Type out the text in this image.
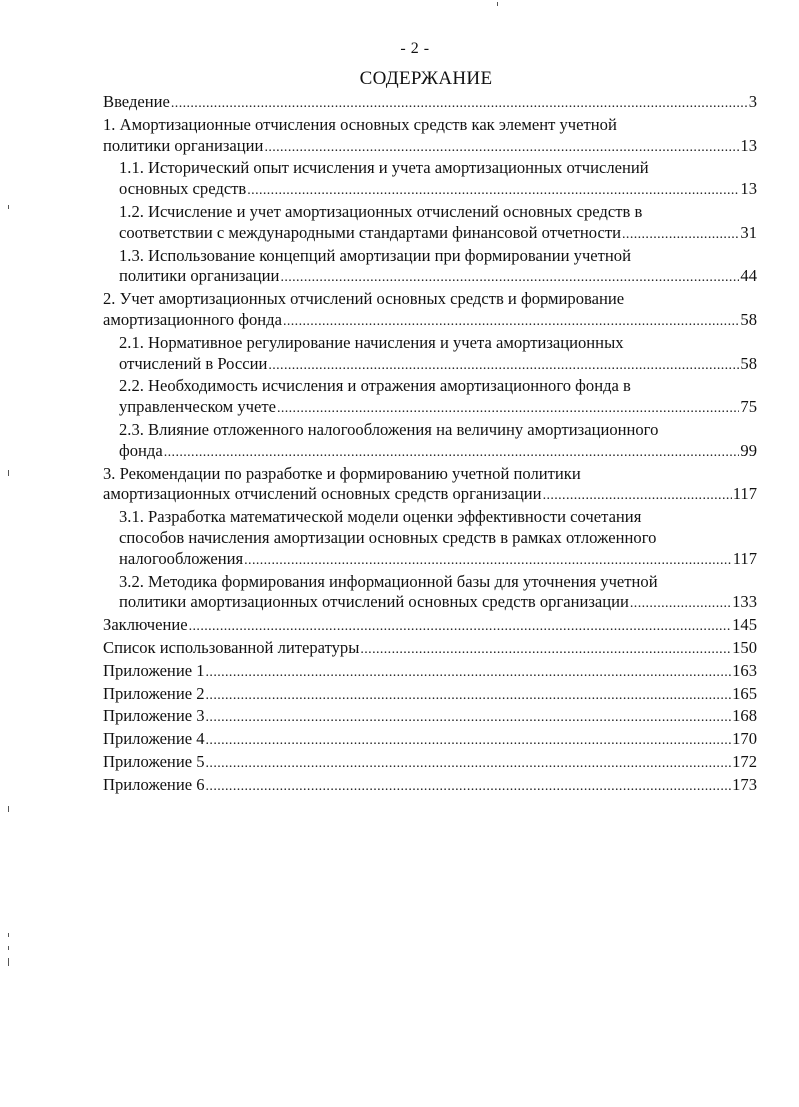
- 2 -
СОДЕРЖАНИЕ
Введение .....	3
1. Амортизационные отчисления основных средств как элемент учетной
политики организации .....	13
1.1. Исторический опыт исчисления и учета амортизационных отчислений
основных средств .....	13
1.2. Исчисление и учет амортизационных отчислений основных средств в
соответствии с международными стандартами финансовой отчетности .....	31
1.3. Использование концепций амортизации при формировании учетной
политики организации .....	44
2. Учет амортизационных отчислений основных средств и формирование
амортизационного фонда .....	58
2.1. Нормативное регулирование начисления и учета амортизационных
отчислений в России .....	58
2.2. Необходимость исчисления и отражения амортизационного фонда в
управленческом учете .....	75
2.3. Влияние отложенного налогообложения на величину амортизационного
фонда .....	99
3. Рекомендации по разработке и формированию учетной политики
амортизационных отчислений основных средств организации .....	117
3.1. Разработка математической модели оценки эффективности сочетания
способов начисления амортизации основных средств в рамках отложенного
налогообложения .....	117
3.2. Методика формирования информационной базы для уточнения учетной
политики амортизационных отчислений основных средств организации .....	133
Заключение .....	145
Список использованной литературы .....	150
Приложение 1 .....	163
Приложение 2 .....	165
Приложение 3 .....	168
Приложение 4 .....	170
Приложение 5 .....	172
Приложение 6 .....	173
